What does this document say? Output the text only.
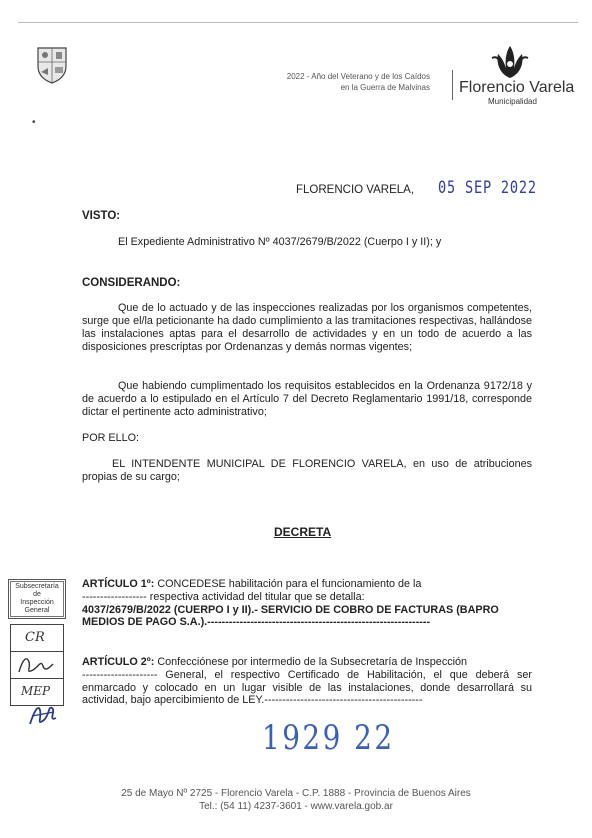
2022 - Año del Veterano y de los Caídos
en la Guerra de Malvinas Florencio Varela
Municipalidad
•
FLORENCIO VARELA, 05 SEP 2022
VISTO:
El Expediente Administrativo Nº 4037/2679/B/2022 (Cuerpo I y II); y
CONSIDERANDO:
Que de lo actuado y de las inspecciones realizadas por los organismos competentes, surge que el/la peticionante ha dado cumplimiento a las tramitaciones respectivas, hallándose las instalaciones aptas para el desarrollo de actividades y en un todo de acuerdo a las disposiciones prescriptas por Ordenanzas y demás normas vigentes;
Que habiendo cumplimentado los requisitos establecidos en la Ordenanza 9172/18 y de acuerdo a lo estipulado en el Artículo 7 del Decreto Reglamentario 1991/18, corresponde dictar el pertinente acto administrativo;
POR ELLO:
EL INTENDENTE MUNICIPAL DE FLORENCIO VARELA, en uso de atribuciones propias de su cargo;
DECRETA
ARTÍCULO 1º: CONCEDESE habilitación para el funcionamiento de la
------------------ respectiva actividad del titular que se detalla:
4037/2679/B/2022 (CUERPO I y II).- SERVICIO DE COBRO DE FACTURAS (BAPRO
MEDIOS DE PAGO S.A.).--------------------------------------------------------------
ARTÍCULO 2º: Confecciónese por intermedio de la Subsecretaría de Inspección
--------------------- General, el respectivo Certificado de Habilitación, el que deberá ser enmarcado y colocado en un lugar visible de las instalaciones, donde desarrollará su actividad, bajo apercibimiento de LEY.--------------------------------------------
Subsecretaría
de
Inspección
General
CR
MEP
1929 22
25 de Mayo Nº 2725 - Florencio Varela - C.P. 1888 - Provincia de Buenos Aires
Tel.: (54 11) 4237-3601 - www.varela.gob.ar
